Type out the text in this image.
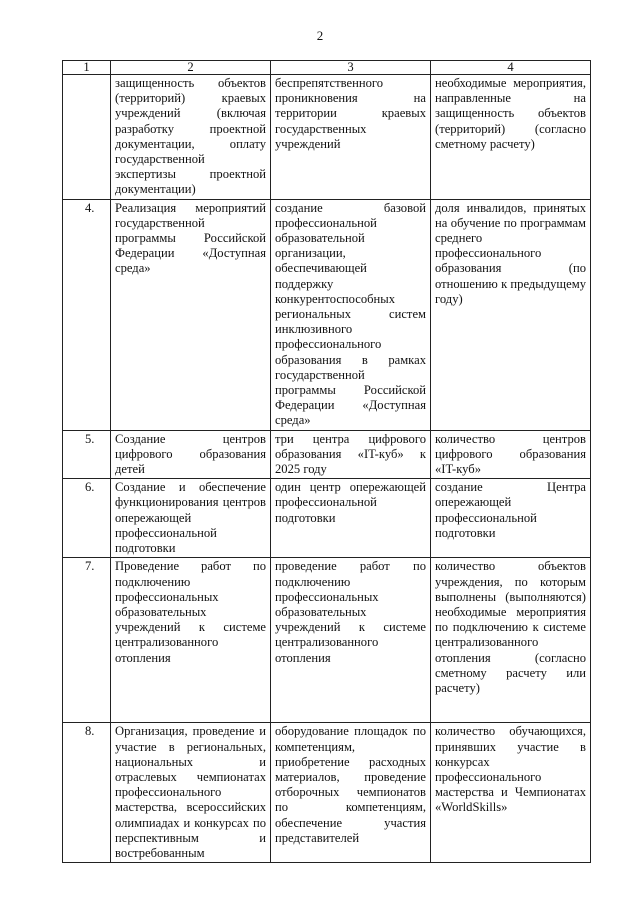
2
1	2	3	4
	защищенность объектов (территорий) краевых учреждений (включая разработку проектной документации, оплату государственной экспертизы проектной документации)	беспрепятственного проникновения на территории краевых государственных учреждений	необходимые мероприятия, направленные на защищенность объектов (территорий) (согласно сметному расчету)
4.	Реализация мероприятий государственной программы Российской Федерации «Доступная среда»	создание базовой профессиональной образовательной организации, обеспечивающей поддержку конкурентоспособных региональных систем инклюзивного профессионального образования в рамках государственной программы Российской Федерации «Доступная среда»	доля инвалидов, принятых на обучение по программам среднего профессионального образования (по отношению к предыдущему году)
5.	Создание центров цифрового образования детей	три центра цифрового образования «IT-куб» к 2025 году	количество центров цифрового образования «IT-куб»
6.	Создание и обеспечение функционирования центров опережающей профессиональной подготовки	один центр опережающей профессиональной подготовки	создание Центра опережающей профессиональной подготовки
7.	Проведение работ по подключению профессиональных образовательных учреждений к системе централизованного отопления	проведение работ по подключению профессиональных образовательных учреждений к системе централизованного отопления	количество объектов учреждения, по которым выполнены (выполняются) необходимые мероприятия по подключению к системе централизованного отопления (согласно сметному расчету или расчету)
8.	Организация, проведение и участие в региональных, национальных и отраслевых чемпионатах профессионального мастерства, всероссийских олимпиадах и конкурсах по перспективным и востребованным	оборудование площадок по компетенциям, приобретение расходных материалов, проведение отборочных чемпионатов по компетенциям, обеспечение участия представителей	количество обучающихся, принявших участие в конкурсах профессионального мастерства и Чемпионатах «WorldSkills»
